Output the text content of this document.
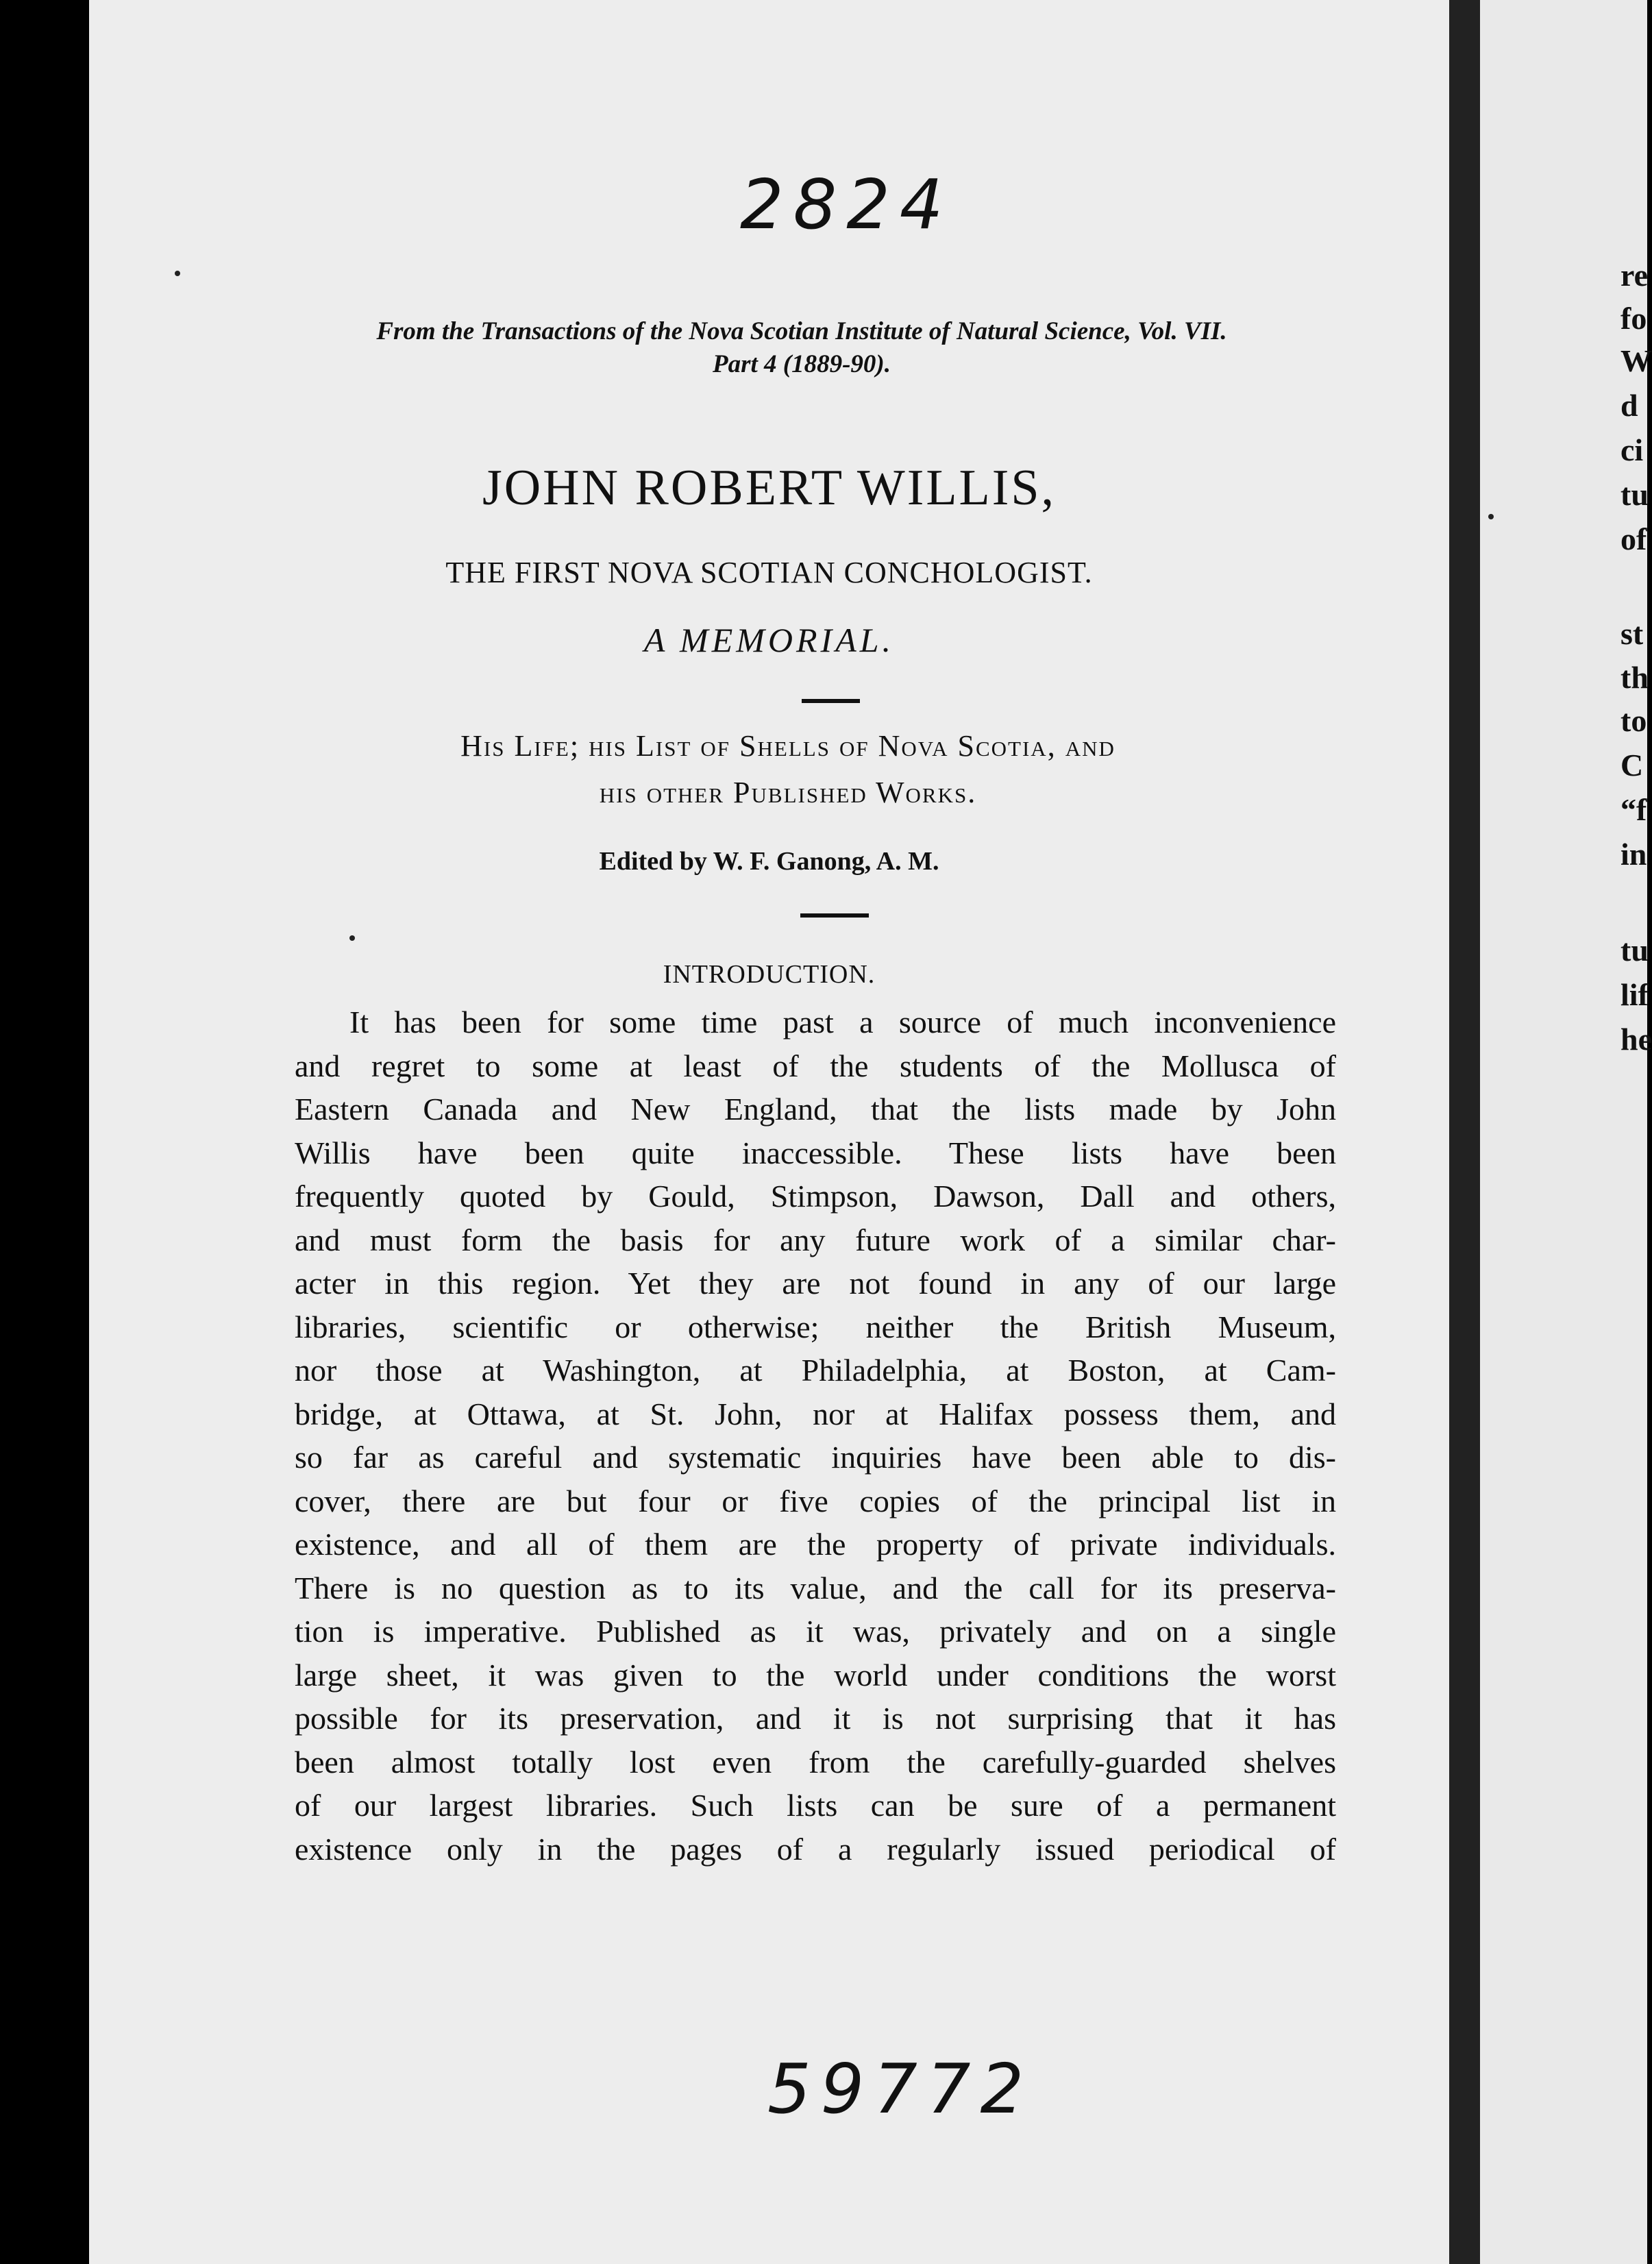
re
fo
W
d
ci
tu
of
st
th
to
C
“f
in
tu
lif
he
2824
From the Transactions of the Nova Scotian Institute of Natural Science, Vol. VII.
Part 4 (1889-90).
JOHN ROBERT WILLIS,
THE FIRST NOVA SCOTIAN CONCHOLOGIST.
A MEMORIAL.
His Life; his List of Shells of Nova Scotia, and
his other Published Works.
Edited by W. F. Ganong, A. M.
INTRODUCTION.
It has been for some time past a source of much inconvenience
and regret to some at least of the students of the Mollusca of
Eastern Canada and New England, that the lists made by John
Willis have been quite inaccessible. These lists have been
frequently quoted by Gould, Stimpson, Dawson, Dall and others,
and must form the basis for any future work of a similar char-
acter in this region. Yet they are not found in any of our large
libraries, scientific or otherwise; neither the British Museum,
nor those at Washington, at Philadelphia, at Boston, at Cam-
bridge, at Ottawa, at St. John, nor at Halifax possess them, and
so far as careful and systematic inquiries have been able to dis-
cover, there are but four or five copies of the principal list in
existence, and all of them are the property of private individuals.
There is no question as to its value, and the call for its preserva-
tion is imperative. Published as it was, privately and on a single
large sheet, it was given to the world under conditions the worst
possible for its preservation, and it is not surprising that it has
been almost totally lost even from the carefully-guarded shelves
of our largest libraries. Such lists can be sure of a permanent
existence only in the pages of a regularly issued periodical of
59772
